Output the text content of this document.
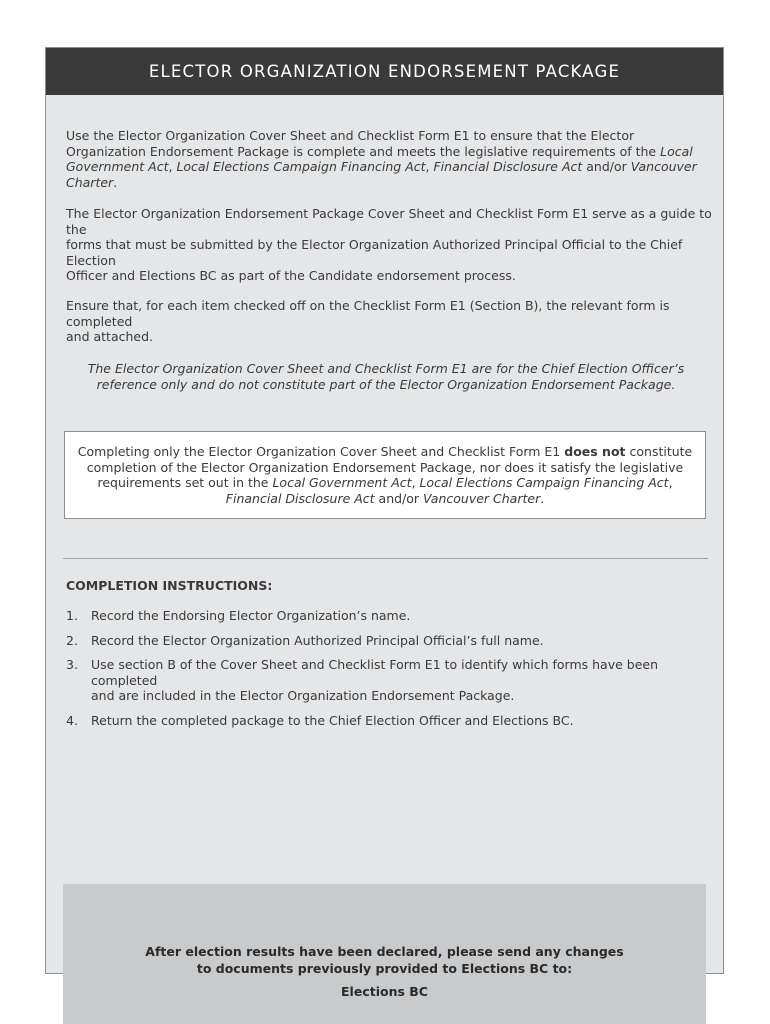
ELECTOR ORGANIZATION ENDORSEMENT PACKAGE
Use the Elector Organization Cover Sheet and Checklist Form E1 to ensure that the Elector Organization Endorsement Package is complete and meets the legislative requirements of the Local Government Act, Local Elections Campaign Financing Act, Financial Disclosure Act and/or Vancouver Charter.
The Elector Organization Endorsement Package Cover Sheet and Checklist Form E1 serve as a guide to the
forms that must be submitted by the Elector Organization Authorized Principal Official to the Chief Election
Officer and Elections BC as part of the Candidate endorsement process.
Ensure that, for each item checked off on the Checklist Form E1 (Section B), the relevant form is completed
and attached.
The Elector Organization Cover Sheet and Checklist Form E1 are for the Chief Election Officer’s
reference only and do not constitute part of the Elector Organization Endorsement Package.
Completing only the Elector Organization Cover Sheet and Checklist Form E1 does not constitute
completion of the Elector Organization Endorsement Package, nor does it satisfy the legislative
requirements set out in the Local Government Act, Local Elections Campaign Financing Act,
Financial Disclosure Act and/or Vancouver Charter.
COMPLETION INSTRUCTIONS:
1.	Record the Endorsing Elector Organization’s name.
2.	Record the Elector Organization Authorized Principal Official’s full name.
3.	Use section B of the Cover Sheet and Checklist Form E1 to identify which forms have been completed
and are included in the Elector Organization Endorsement Package.
4.	Return the completed package to the Chief Election Officer and Elections BC.
After election results have been declared, please send any changes
to documents previously provided to Elections BC to:
Elections BC
